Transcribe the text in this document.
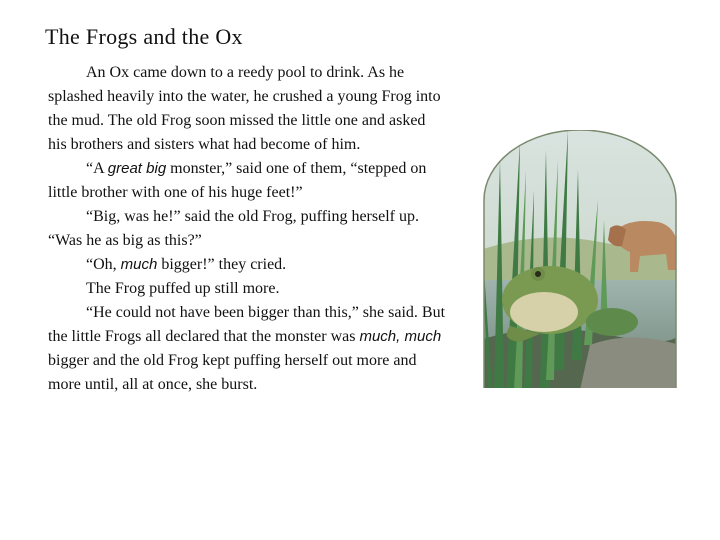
The Frogs and the Ox

An Ox came down to a reedy pool to drink. As he splashed heavily into the water, he crushed a young Frog into the mud. The old Frog soon missed the little one and asked his brothers and sisters what had become of him.

“A great big monster,” said one of them, “stepped on little brother with one of his huge feet!”

“Big, was he!” said the old Frog, puffing herself up. “Was he as big as this?”

“Oh, much bigger!” they cried.

The Frog puffed up still more.

“He could not have been bigger than this,” she said. But the little Frogs all declared that the monster was much, much bigger and the old Frog kept puffing herself out more and more until, all at once, she burst.
